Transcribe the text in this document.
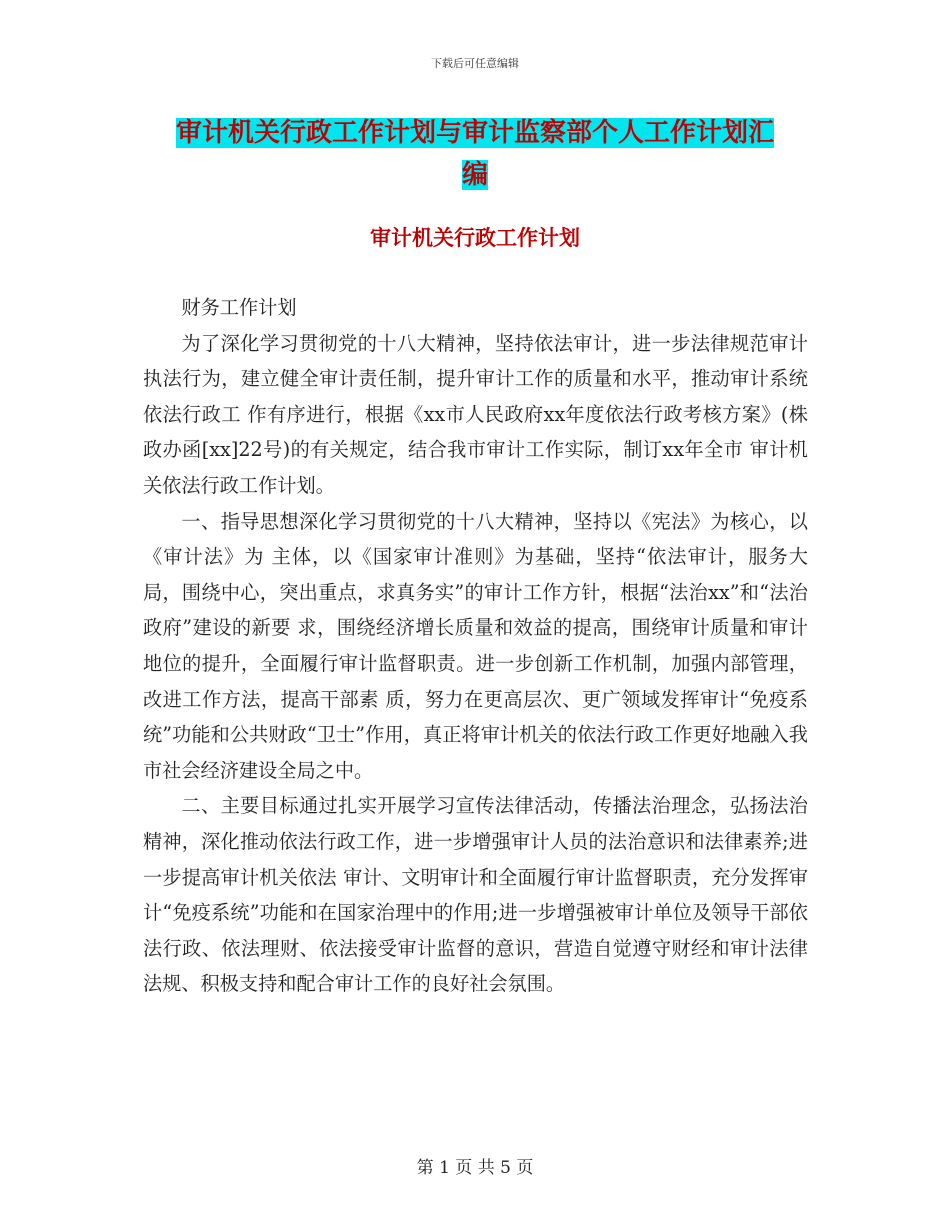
下载后可任意编辑
审计机关行政工作计划与审计监察部个人工作计划汇
编
审计机关行政工作计划

财务工作计划

为了深化学习贯彻党的十八大精神，坚持依法审计，进一步法律规范审计执法行为，建立健全审计责任制，提升审计工作的质量和水平，推动审计系统依法行政工 作有序进行，根据《xx市人民政府xx年度依法行政考核方案》(株政办函[xx]22号)的有关规定，结合我市审计工作实际，制订xx年全市 审计机关依法行政工作计划。

一、指导思想深化学习贯彻党的十八大精神，坚持以《宪法》为核心，以《审计法》为 主体，以《国家审计准则》为基础，坚持“依法审计，服务大局，围绕中心，突出重点，求真务实”的审计工作方针，根据“法治xx”和“法治政府”建设的新要 求，围绕经济增长质量和效益的提高，围绕审计质量和审计地位的提升，全面履行审计监督职责。进一步创新工作机制，加强内部管理，改进工作方法，提高干部素 质，努力在更高层次、更广领域发挥审计“免疫系统”功能和公共财政“卫士”作用，真正将审计机关的依法行政工作更好地融入我市社会经济建设全局之中。

二、主要目标通过扎实开展学习宣传法律活动，传播法治理念，弘扬法治精神，深化推动依法行政工作，进一步增强审计人员的法治意识和法律素养;进一步提高审计机关依法 审计、文明审计和全面履行审计监督职责，充分发挥审计“免疫系统”功能和在国家治理中的作用;进一步增强被审计单位及领导干部依法行政、依法理财、依法接受审计监督的意识，营造自觉遵守财经和审计法律法规、积极支持和配合审计工作的良好社会氛围。

第 1 页 共 5 页
